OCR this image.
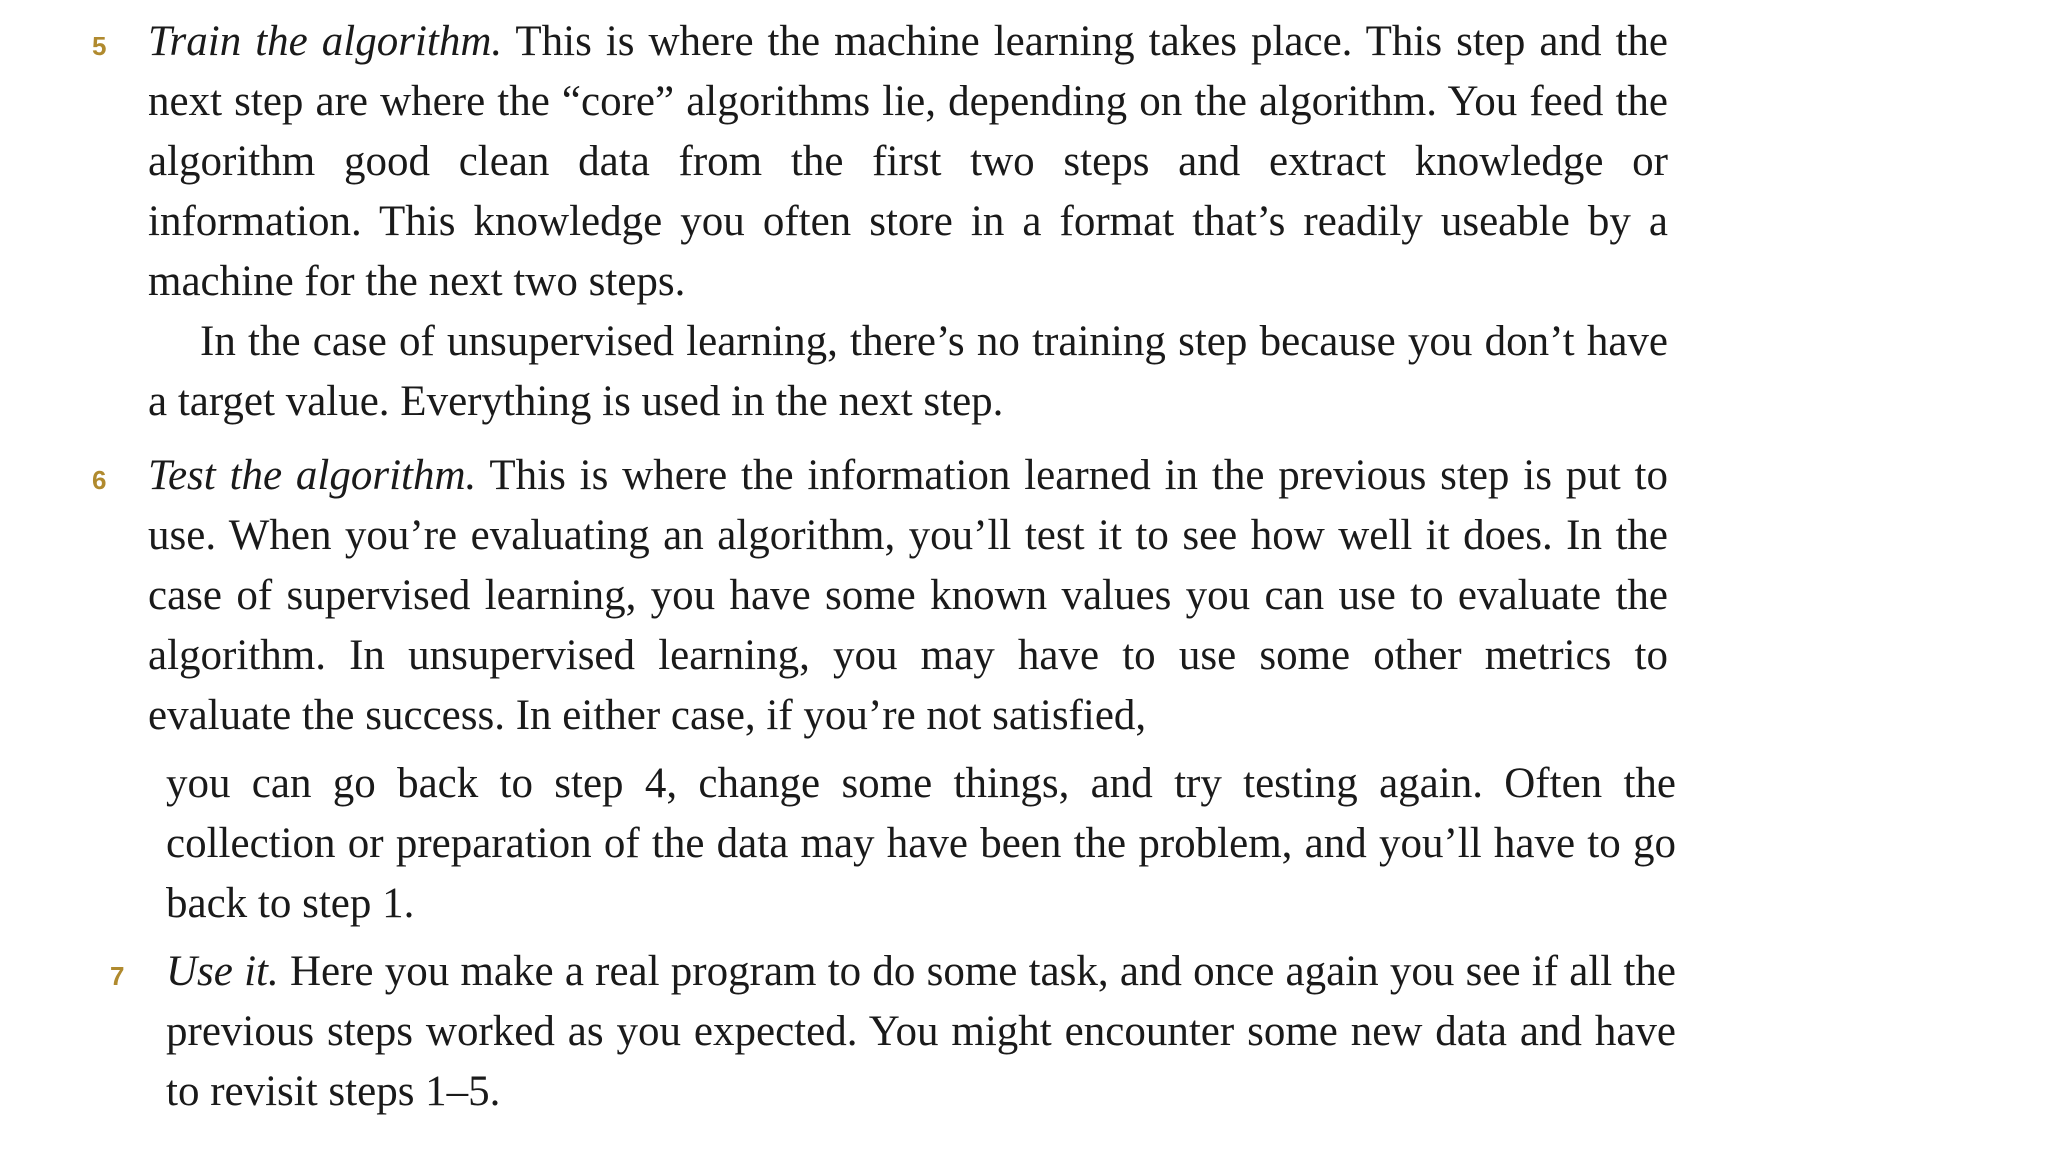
5 Train the algorithm. This is where the machine learning takes place. This step and the next step are where the “core” algorithms lie, depending on the algorithm. You feed the algorithm good clean data from the first two steps and extract knowledge or information. This knowledge you often store in a format that’s readily useable by a machine for the next two steps.

In the case of unsupervised learning, there’s no training step because you don’t have a target value. Everything is used in the next step.

6 Test the algorithm. This is where the information learned in the previous step is put to use. When you’re evaluating an algorithm, you’ll test it to see how well it does. In the case of supervised learning, you have some known values you can use to evaluate the algorithm. In unsupervised learning, you may have to use some other metrics to evaluate the success. In either case, if you’re not satisfied,

you can go back to step 4, change some things, and try testing again. Often the collection or preparation of the data may have been the problem, and you’ll have to go back to step 1.

7 Use it. Here you make a real program to do some task, and once again you see if all the previous steps worked as you expected. You might encounter some new data and have to revisit steps 1–5.
